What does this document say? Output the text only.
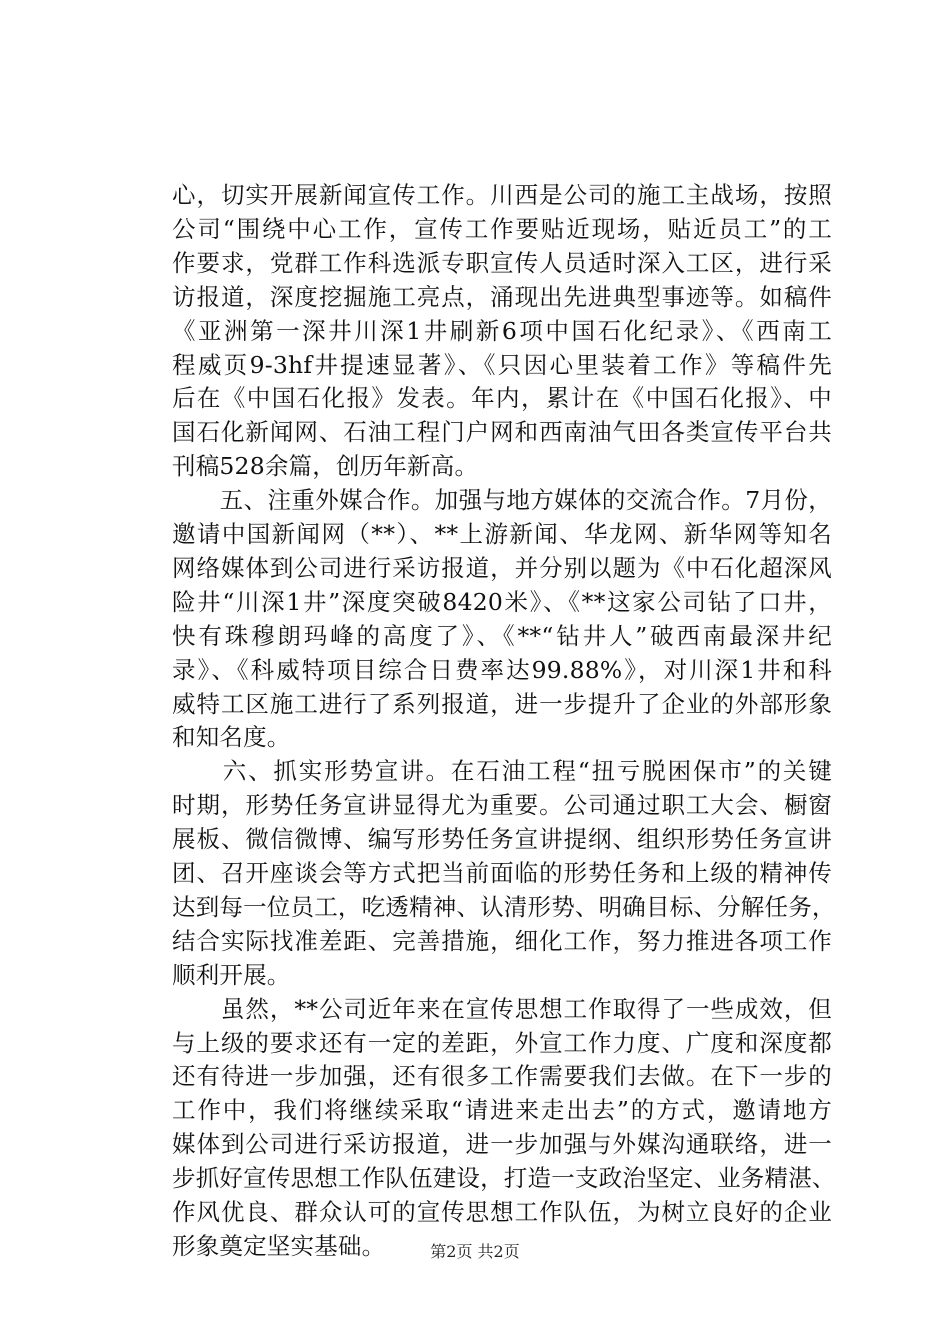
心，切实开展新闻宣传工作。川西是公司的施工主战场，按照
公司“围绕中心工作，宣传工作要贴近现场，贴近员工”的工
作要求，党群工作科选派专职宣传人员适时深入工区，进行采
访报道，深度挖掘施工亮点，涌现出先进典型事迹等。如稿件
《亚洲第一深井川深1井刷新6项中国石化纪录》、《西南工
程威页9-3hf井提速显著》、《只因心里装着工作》等稿件先
后在《中国石化报》发表。年内，累计在《中国石化报》、中
国石化新闻网、石油工程门户网和西南油气田各类宣传平台共
刊稿528余篇，创历年新高。
　　五、注重外媒合作。加强与地方媒体的交流合作。7月份，
邀请中国新闻网（**）、**上游新闻、华龙网、新华网等知名
网络媒体到公司进行采访报道，并分别以题为《中石化超深风
险井“川深1井”深度突破8420米》、《**这家公司钻了口井，
快有珠穆朗玛峰的高度了》、《**“钻井人”破西南最深井纪
录》、《科威特项目综合日费率达99.88%》，对川深1井和科
威特工区施工进行了系列报道，进一步提升了企业的外部形象
和知名度。
　　六、抓实形势宣讲。在石油工程“扭亏脱困保市”的关键
时期，形势任务宣讲显得尤为重要。公司通过职工大会、橱窗
展板、微信微博、编写形势任务宣讲提纲、组织形势任务宣讲
团、召开座谈会等方式把当前面临的形势任务和上级的精神传
达到每一位员工，吃透精神、认清形势、明确目标、分解任务，
结合实际找准差距、完善措施，细化工作，努力推进各项工作
顺利开展。
　　虽然，**公司近年来在宣传思想工作取得了一些成效，但
与上级的要求还有一定的差距，外宣工作力度、广度和深度都
还有待进一步加强，还有很多工作需要我们去做。在下一步的
工作中，我们将继续采取“请进来走出去”的方式，邀请地方
媒体到公司进行采访报道，进一步加强与外媒沟通联络，进一
步抓好宣传思想工作队伍建设，打造一支政治坚定、业务精湛、
作风优良、群众认可的宣传思想工作队伍，为树立良好的企业
形象奠定坚实基础。	第2页 共2页
